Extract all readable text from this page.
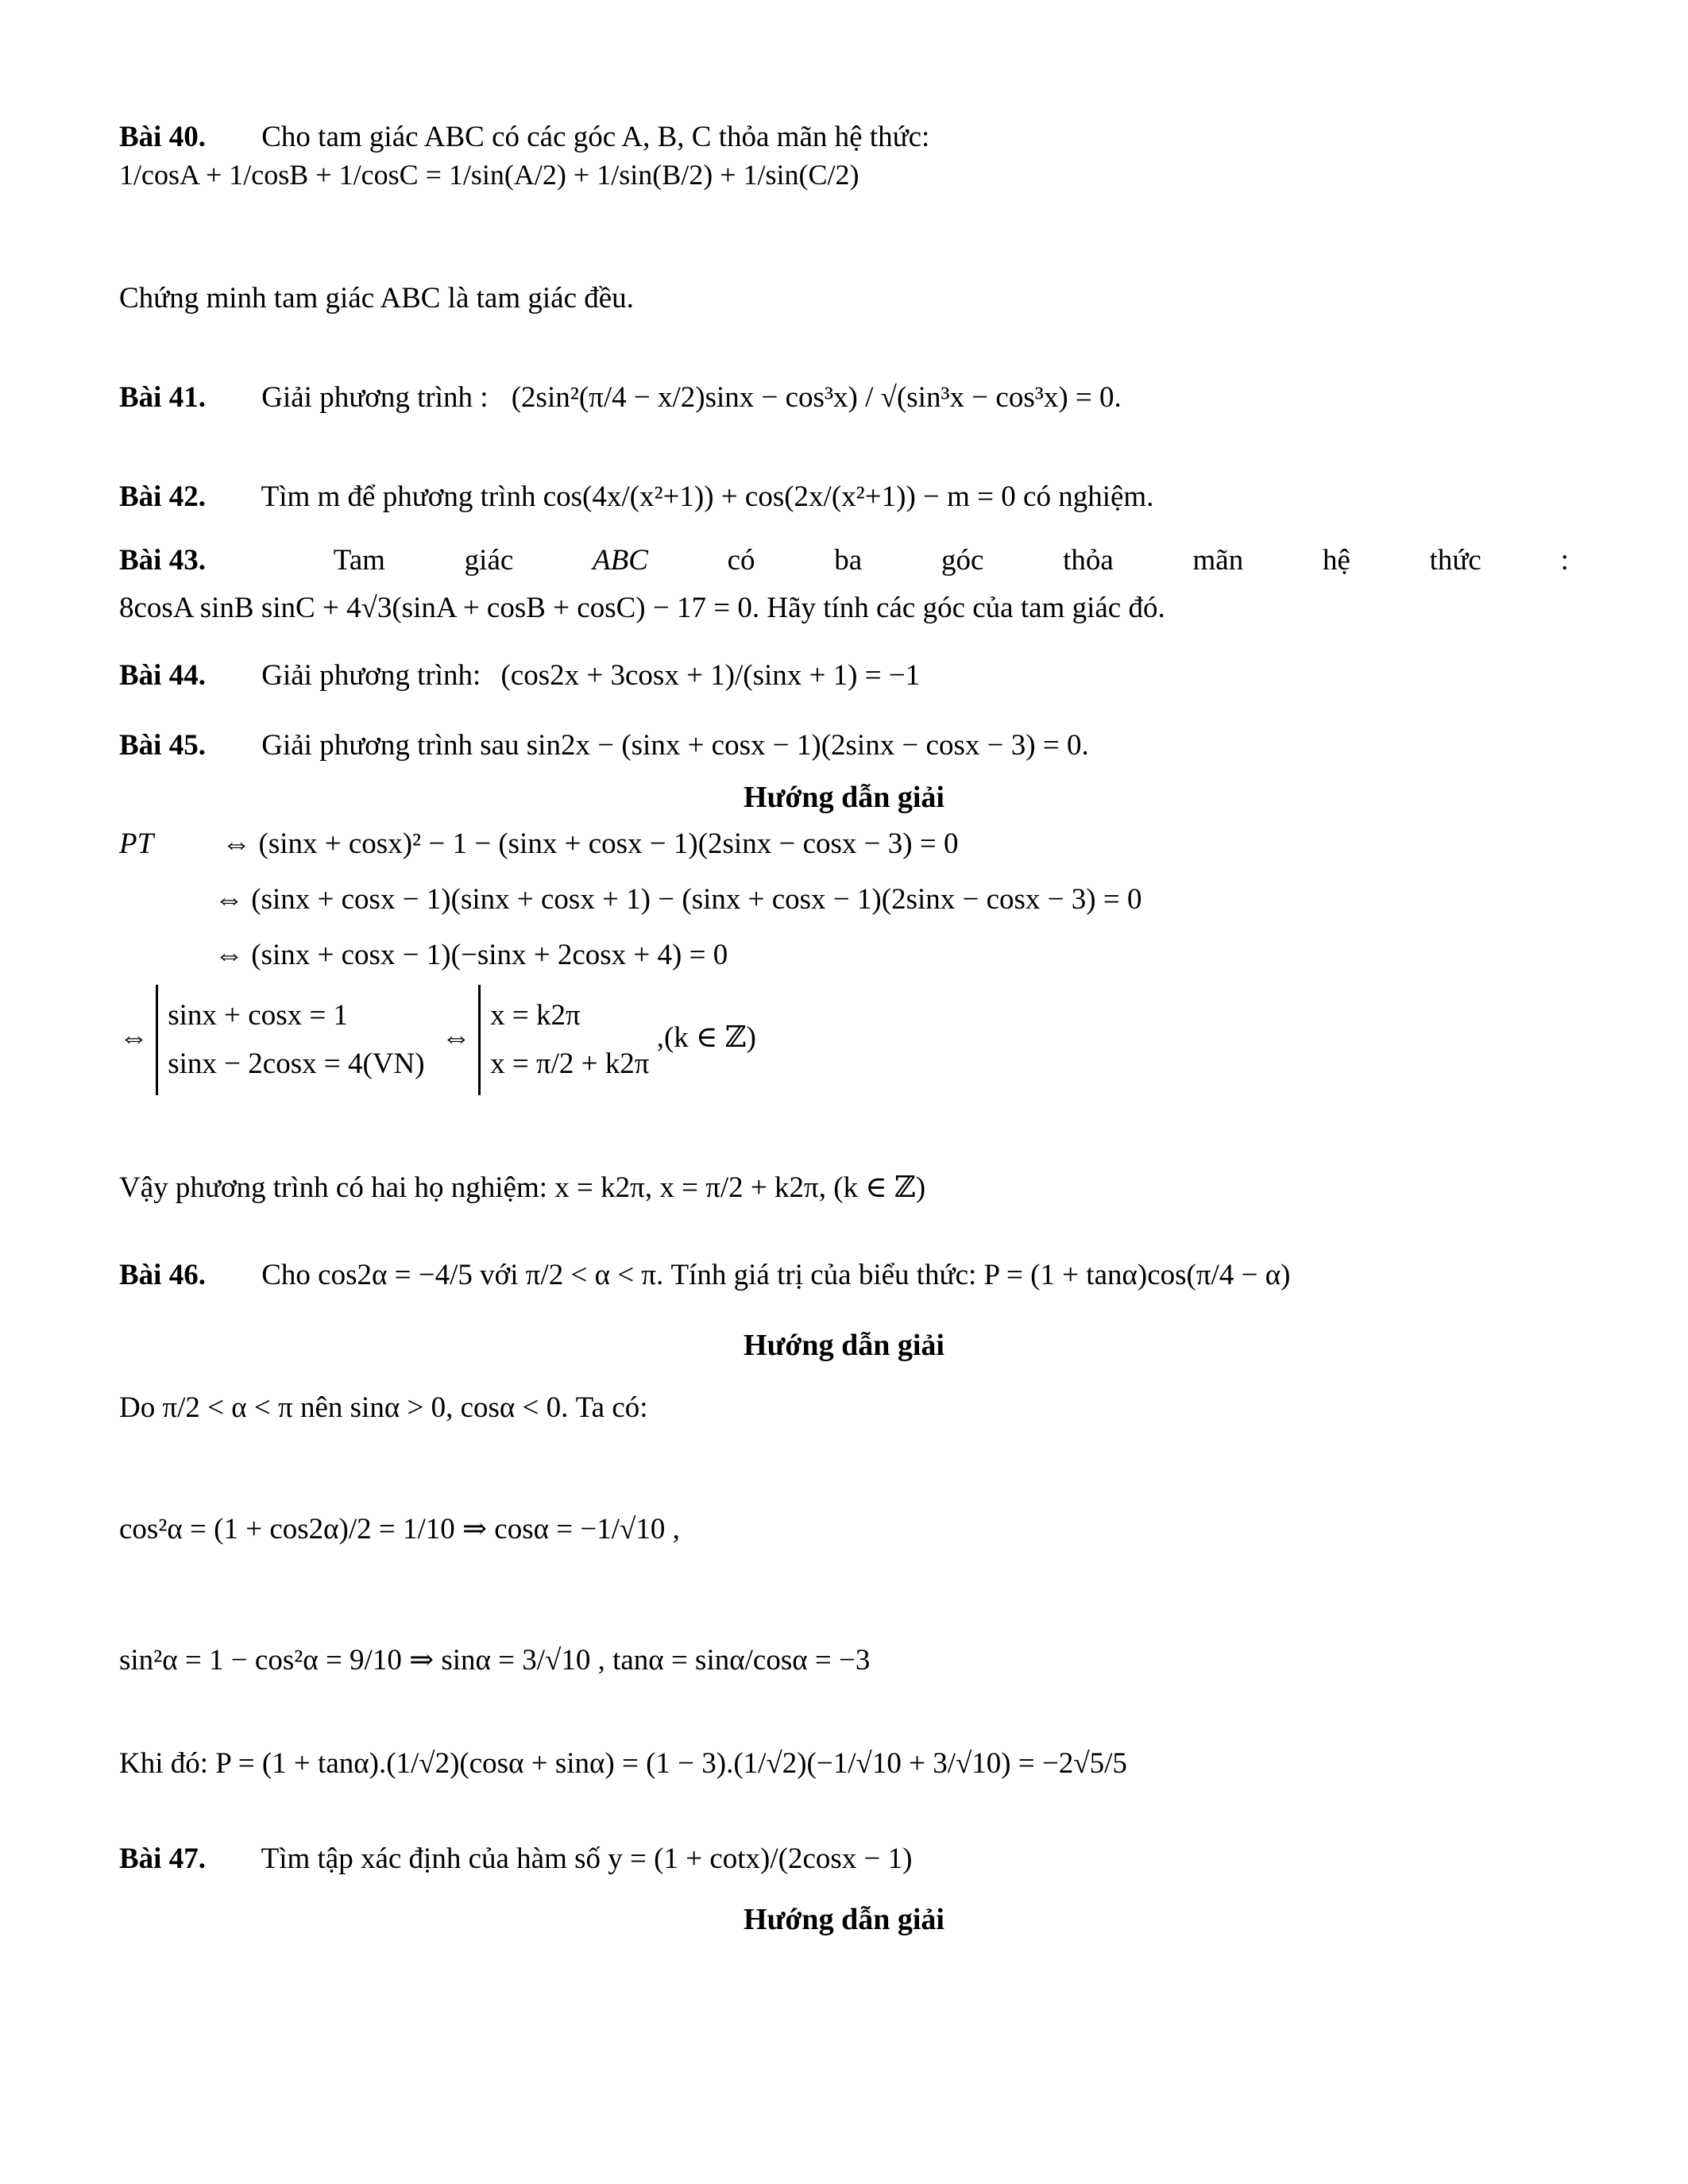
Bài 40. Cho tam giác ABC có các góc A, B, C thỏa mãn hệ thức:
1/cosA + 1/cosB + 1/cosC = 1/sin(A/2) + 1/sin(B/2) + 1/sin(C/2)
Chứng minh tam giác ABC là tam giác đều.
Bài 41. Giải phương trình : (2sin²(π/4 − x/2)sinx − cos³x) / √(sin³x − cos³x) = 0.
Bài 42. Tìm m để phương trình cos(4x/(x²+1)) + cos(2x/(x²+1)) − m = 0 có nghiệm.
Bài 43.	Tam	giác	ABC	có	ba	góc	thỏa	mãn	hệ	thức	:
8cosA sinB sinC + 4√3(sinA + cosB + cosC) − 17 = 0. Hãy tính các góc của tam giác đó.
Bài 44. Giải phương trình: (cos2x + 3cosx + 1)/(sinx + 1) = −1
Bài 45. Giải phương trình sau sin2x − (sinx + cosx − 1)(2sinx − cosx − 3) = 0.
Hướng dẫn giải
PT ⇔ (sinx + cosx)² − 1 − (sinx + cosx − 1)(2sinx − cosx − 3) = 0
⇔ (sinx + cosx − 1)(sinx + cosx + 1) − (sinx + cosx − 1)(2sinx − cosx − 3) = 0
⇔ (sinx + cosx − 1)(−sinx + 2cosx + 4) = 0
⇔
sinx + cosx = 1
sinx − 2cosx = 4(VN)
⇔
x = k2π
x = π/2 + k2π
,(k ∈ ℤ)
Vậy phương trình có hai họ nghiệm: x = k2π, x = π/2 + k2π, (k ∈ ℤ)
Bài 46. Cho cos2α = −4/5 với π/2 < α < π. Tính giá trị của biểu thức: P = (1 + tanα)cos(π/4 − α)
Hướng dẫn giải
Do π/2 < α < π nên sinα > 0, cosα < 0. Ta có:
cos²α = (1 + cos2α)/2 = 1/10 ⇒ cosα = −1/√10 ,
sin²α = 1 − cos²α = 9/10 ⇒ sinα = 3/√10 , tanα = sinα/cosα = −3
Khi đó: P = (1 + tanα).(1/√2)(cosα + sinα) = (1 − 3).(1/√2)(−1/√10 + 3/√10) = −2√5/5
Bài 47. Tìm tập xác định của hàm số y = (1 + cotx)/(2cosx − 1)
Hướng dẫn giải
